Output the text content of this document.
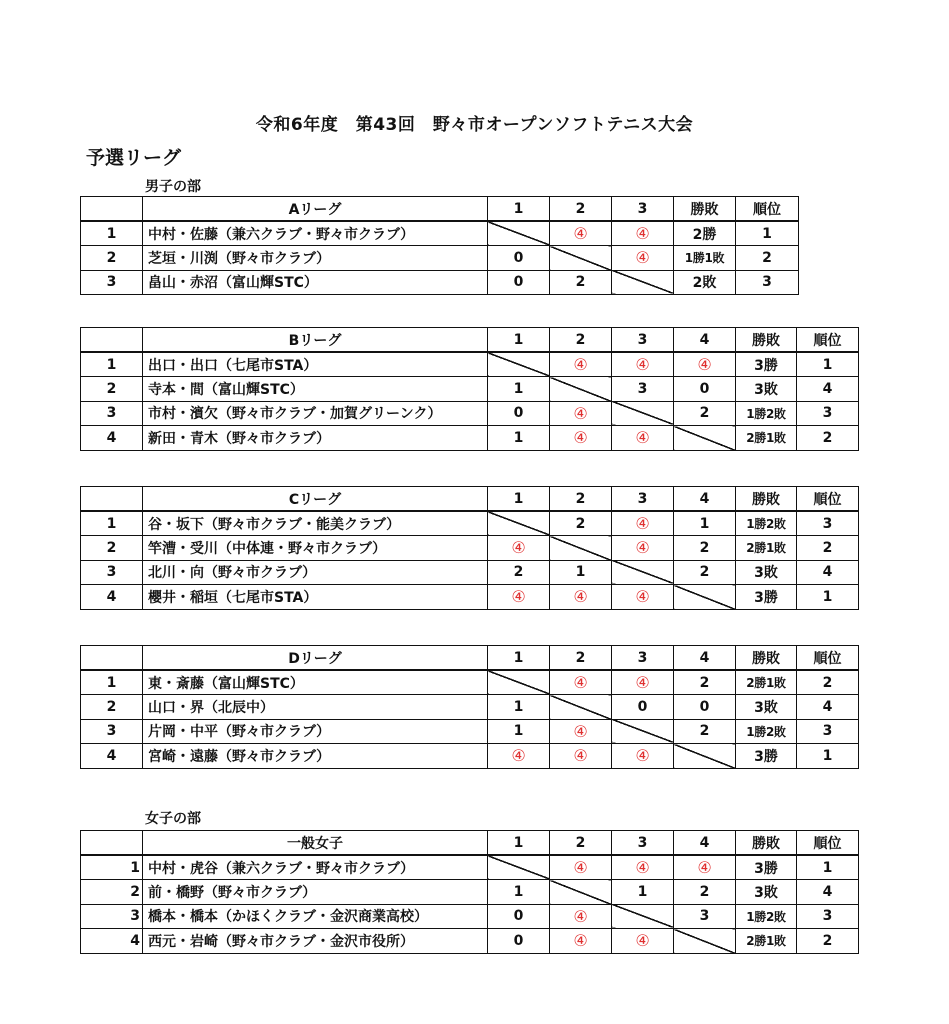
令和6年度　第43回　野々市オープンソフトテニス大会
予選リーグ
男子の部
女子の部
	Aリーグ	1	2	3	勝敗	順位
1	中村・佐藤（兼六クラブ・野々市クラブ）		④	④	2勝	1
2	芝垣・川渕（野々市クラブ）	0		④	1勝1敗	2
3	畠山・赤沼（富山輝STC）	0	2		2敗	3
	Bリーグ	1	2	3	4	勝敗	順位
1	出口・出口（七尾市STA）		④	④	④	3勝	1
2	寺本・間（富山輝STC）	1		3	0	3敗	4
3	市村・濱欠（野々市クラブ・加賀グリーンク）	0	④		2	1勝2敗	3
4	新田・青木（野々市クラブ）	1	④	④		2勝1敗	2
	Cリーグ	1	2	3	4	勝敗	順位
1	谷・坂下（野々市クラブ・能美クラブ）		2	④	1	1勝2敗	3
2	竿漕・受川（中体連・野々市クラブ）	④		④	2	2勝1敗	2
3	北川・向（野々市クラブ）	2	1		2	3敗	4
4	櫻井・稲垣（七尾市STA）	④	④	④		3勝	1
	Dリーグ	1	2	3	4	勝敗	順位
1	東・斎藤（富山輝STC）		④	④	2	2勝1敗	2
2	山口・界（北辰中）	1		0	0	3敗	4
3	片岡・中平（野々市クラブ）	1	④		2	1勝2敗	3
4	宮崎・遠藤（野々市クラブ）	④	④	④		3勝	1
	一般女子	1	2	3	4	勝敗	順位
1	中村・虎谷（兼六クラブ・野々市クラブ）		④	④	④	3勝	1
2	前・橋野（野々市クラブ）	1		1	2	3敗	4
3	橋本・橋本（かほくクラブ・金沢商業高校）	0	④		3	1勝2敗	3
4	西元・岩崎（野々市クラブ・金沢市役所）	0	④	④		2勝1敗	2
